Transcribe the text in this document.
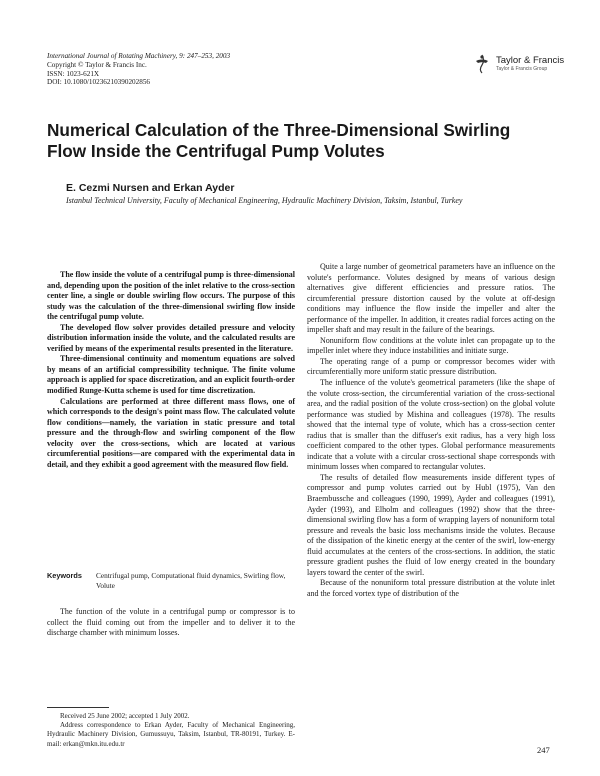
International Journal of Rotating Machinery, 9: 247–253, 2003
Copyright © Taylor & Francis Inc.
ISSN: 1023-621X
DOI: 10.1080/10236210390202856
Taylor & Francis
Taylor & Francis Group
Numerical Calculation of the Three-Dimensional Swirling Flow Inside the Centrifugal Pump Volutes
E. Cezmi Nursen and Erkan Ayder
Istanbul Technical University, Faculty of Mechanical Engineering, Hydraulic Machinery Division, Taksim, Istanbul, Turkey

The flow inside the volute of a centrifugal pump is three-dimensional and, depending upon the position of the inlet relative to the cross-section center line, a single or double swirling flow occurs. The purpose of this study was the calculation of the three-dimensional swirling flow inside the centrifugal pump volute.

The developed flow solver provides detailed pressure and velocity distribution information inside the volute, and the calculated results are verified by means of the experimental results presented in the literature.

Three-dimensional continuity and momentum equations are solved by means of an artificial compressibility technique. The finite volume approach is applied for space discretization, and an explicit fourth-order modified Runge-Kutta scheme is used for time discretization.

Calculations are performed at three different mass flows, one of which corresponds to the design's point mass flow. The calculated volute flow conditions—namely, the variation in static pressure and total pressure and the through-flow and swirling component of the flow velocity over the cross-sections, which are located at various circumferential positions—are compared with the experimental data in detail, and they exhibit a good agreement with the measured flow field.

Keywords Centrifugal pump, Computational fluid dynamics, Swirling flow, Volute

The function of the volute in a centrifugal pump or compressor is to collect the fluid coming out from the impeller and to deliver it to the discharge chamber with minimum losses.

Received 25 June 2002; accepted 1 July 2002.

Address correspondence to Erkan Ayder, Faculty of Mechanical Engineering, Hydraulic Machinery Division, Gumussuyu, Taksim, Istanbul, TR-80191, Turkey. E-mail: erkan@mkn.itu.edu.tr

Quite a large number of geometrical parameters have an influence on the volute's performance. Volutes designed by means of various design alternatives give different efficiencies and pressure ratios. The circumferential pressure distortion caused by the volute at off-design conditions may influence the flow inside the impeller and alter the performance of the impeller. In addition, it creates radial forces acting on the impeller shaft and may result in the failure of the bearings.

Nonuniform flow conditions at the volute inlet can propagate up to the impeller inlet where they induce instabilities and initiate surge.

The operating range of a pump or compressor becomes wider with circumferentially more uniform static pressure distribution.

The influence of the volute's geometrical parameters (like the shape of the volute cross-section, the circumferential variation of the cross-sectional area, and the radial position of the volute cross-section) on the global volute performance was studied by Mishina and colleagues (1978). The results showed that the internal type of volute, which has a cross-section center radius that is smaller than the diffuser's exit radius, has a very high loss coefficient compared to the other types. Global performance measurements indicate that a volute with a circular cross-sectional shape corresponds with minimum losses when compared to rectangular volutes.

The results of detailed flow measurements inside different types of compressor and pump volutes carried out by Hubl (1975), Van den Braembussche and colleagues (1990, 1999), Ayder and colleagues (1991), Ayder (1993), and Elholm and colleagues (1992) show that the three-dimensional swirling flow has a form of wrapping layers of nonuniform total pressure and reveals the basic loss mechanisms inside the volutes. Because of the dissipation of the kinetic energy at the center of the swirl, low-energy fluid accumulates at the centers of the cross-sections. In addition, the static pressure gradient pushes the fluid of low energy created in the boundary layers toward the center of the swirl.

Because of the nonuniform total pressure distribution at the volute inlet and the forced vortex type of distribution of the

247
